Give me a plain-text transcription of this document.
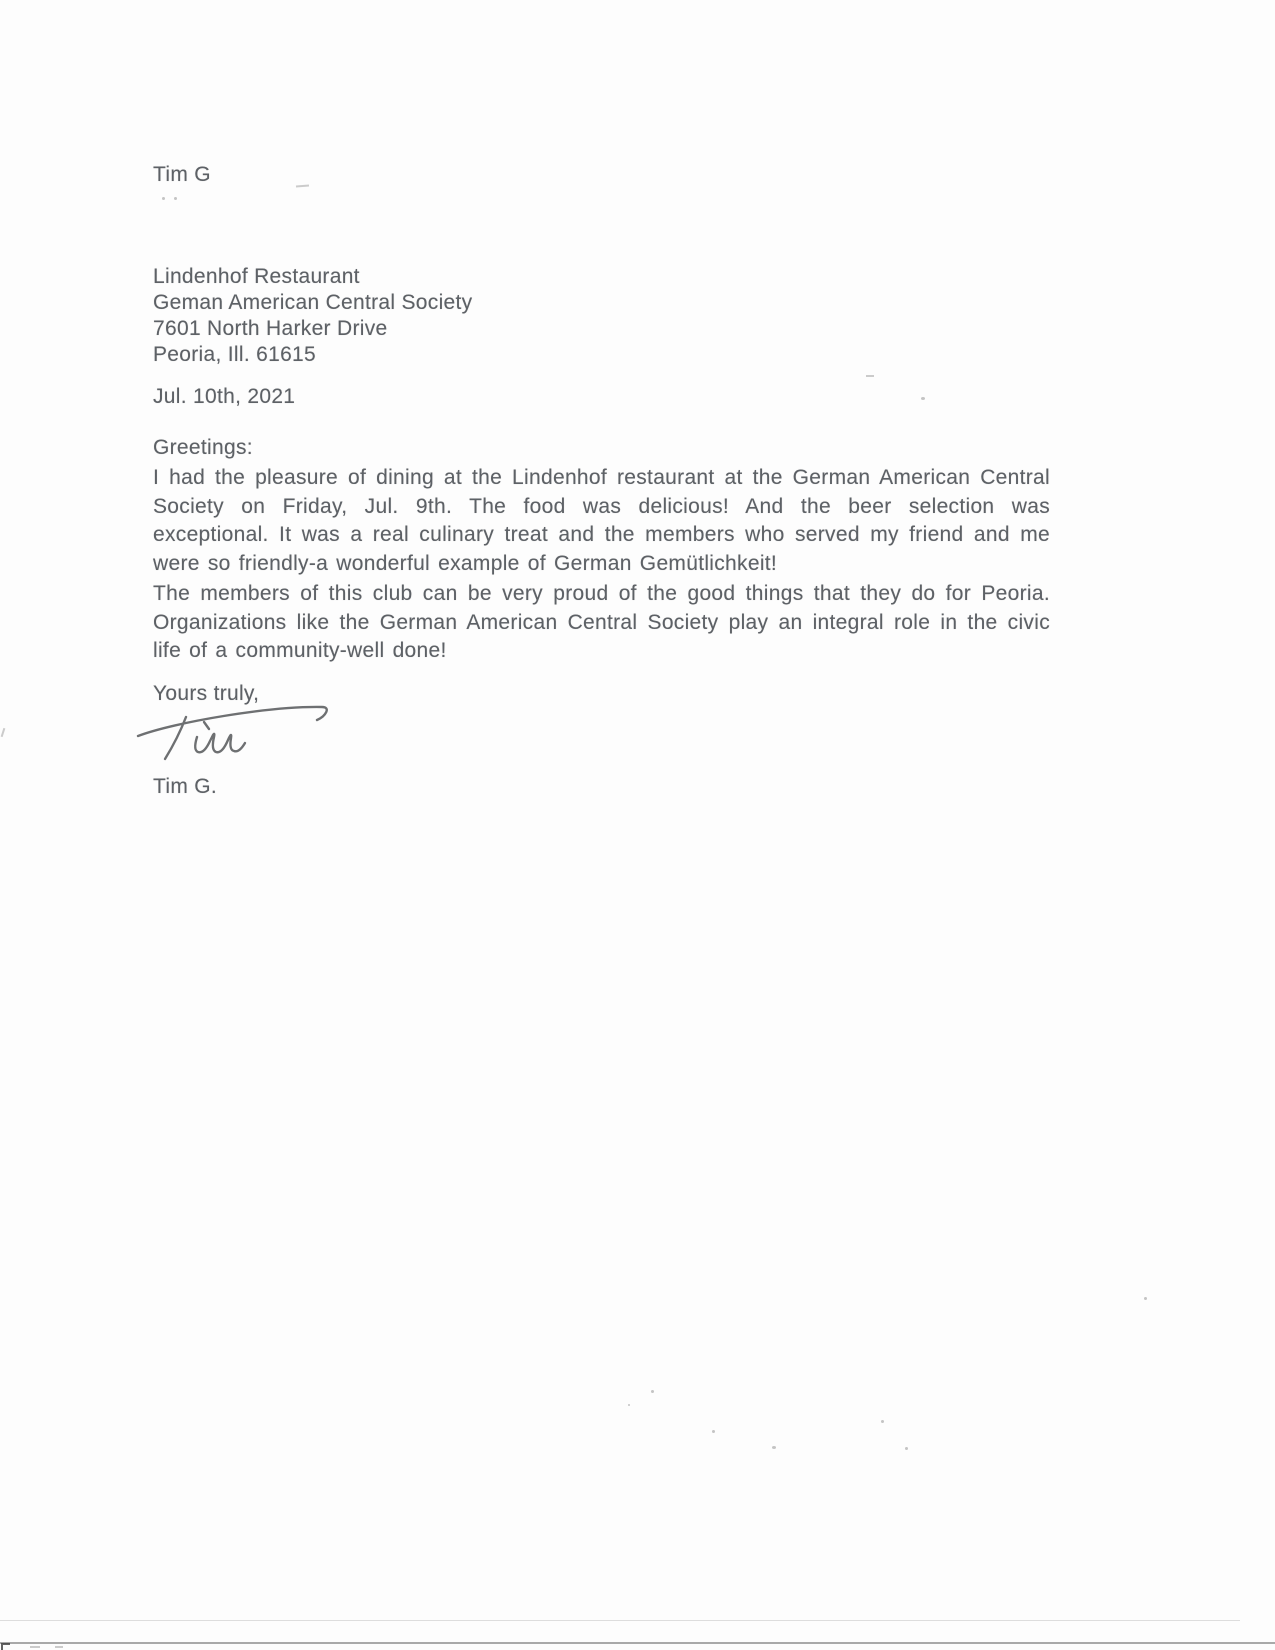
Tim G
Lindenhof Restaurant
Geman American Central Society
7601 North Harker Drive
Peoria, Ill. 61615
Jul. 10th, 2021
Greetings:

I had the pleasure of dining at the Lindenhof restaurant at the German American Central Society on Friday, Jul. 9th. The food was delicious! And the beer selection was exceptional. It was a real culinary treat and the members who served my friend and me were so friendly-a wonderful example of German Gemütlichkeit!

The members of this club can be very proud of the good things that they do for Peoria. Organizations like the German American Central Society play an integral role in the civic life of a community-well done!

Yours truly,
Tim G.
